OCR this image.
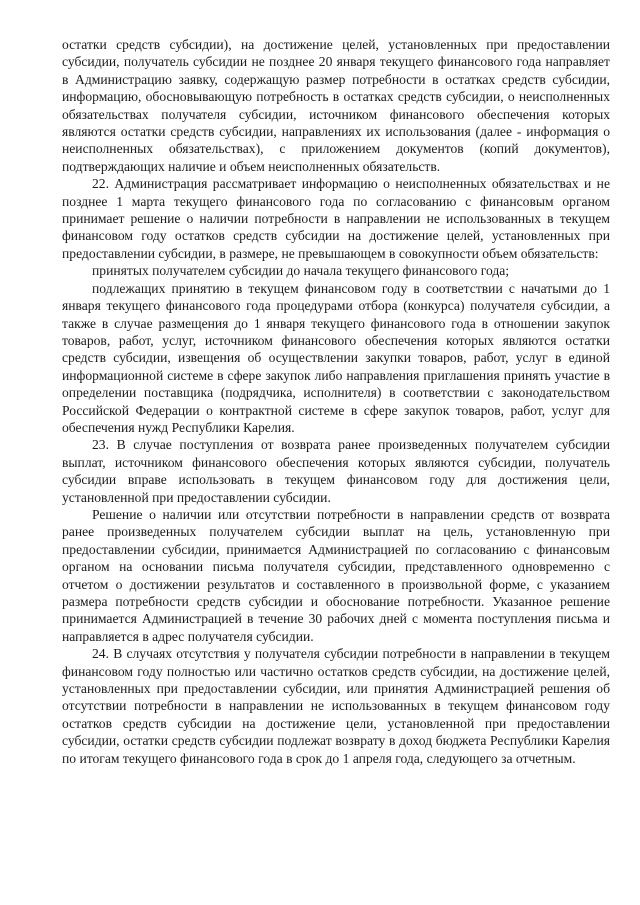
остатки средств субсидии), на достижение целей, установленных при предоставлении субсидии, получатель субсидии не позднее 20 января текущего финансового года направляет в Администрацию заявку, содержащую размер потребности в остатках средств субсидии, информацию, обосновывающую потребность в остатках средств субсидии, о неисполненных обязательствах получателя субсидии, источником финансового обеспечения которых являются остатки средств субсидии, направлениях их использования (далее - информация о неисполненных обязательствах), с приложением документов (копий документов), подтверждающих наличие и объем неисполненных обязательств.

22. Администрация рассматривает информацию о неисполненных обязательствах и не позднее 1 марта текущего финансового года по согласованию с финансовым органом принимает решение о наличии потребности в направлении не использованных в текущем финансовом году остатков средств субсидии на достижение целей, установленных при предоставлении субсидии, в размере, не превышающем в совокупности объем обязательств:

принятых получателем субсидии до начала текущего финансового года;

подлежащих принятию в текущем финансовом году в соответствии с начатыми до 1 января текущего финансового года процедурами отбора (конкурса) получателя субсидии, а также в случае размещения до 1 января текущего финансового года в отношении закупок товаров, работ, услуг, источником финансового обеспечения которых являются остатки средств субсидии, извещения об осуществлении закупки товаров, работ, услуг в единой информационной системе в сфере закупок либо направления приглашения принять участие в определении поставщика (подрядчика, исполнителя) в соответствии с законодательством Российской Федерации о контрактной системе в сфере закупок товаров, работ, услуг для обеспечения нужд Республики Карелия.

23. В случае поступления от возврата ранее произведенных получателем субсидии выплат, источником финансового обеспечения которых являются субсидии, получатель субсидии вправе использовать в текущем финансовом году для достижения цели, установленной при предоставлении субсидии.

Решение о наличии или отсутствии потребности в направлении средств от возврата ранее произведенных получателем субсидии выплат на цель, установленную при предоставлении субсидии, принимается Администрацией по согласованию с финансовым органом на основании письма получателя субсидии, представленного одновременно с отчетом о достижении результатов и составленного в произвольной форме, с указанием размера потребности средств субсидии и обоснование потребности. Указанное решение принимается Администрацией в течение 30 рабочих дней с момента поступления письма и направляется в адрес получателя субсидии.

24. В случаях отсутствия у получателя субсидии потребности в направлении в текущем финансовом году полностью или частично остатков средств субсидии, на достижение целей, установленных при предоставлении субсидии, или принятия Администрацией решения об отсутствии потребности в направлении не использованных в текущем финансовом году остатков средств субсидии на достижение цели, установленной при предоставлении субсидии, остатки средств субсидии подлежат возврату в доход бюджета Республики Карелия по итогам текущего финансового года в срок до 1 апреля года, следующего за отчетным.
